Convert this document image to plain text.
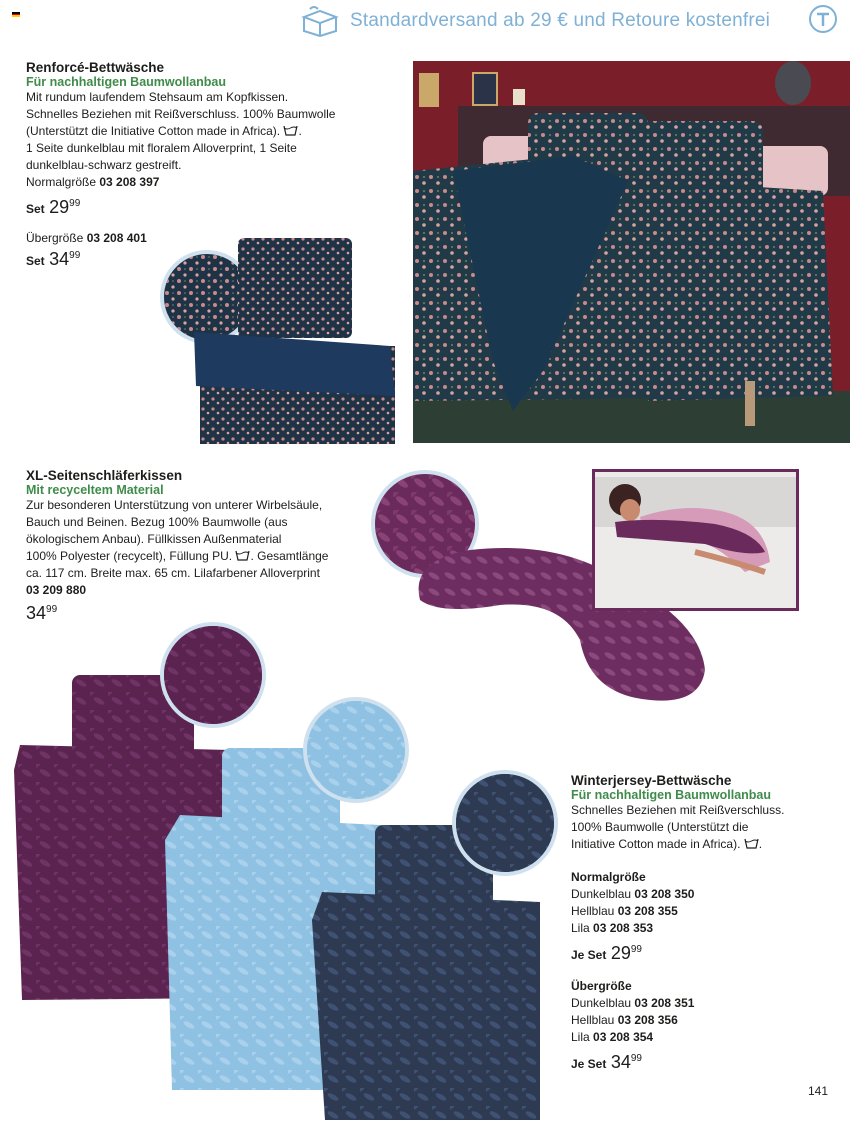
Standardversand ab 29 € und Retoure kostenfrei
Renforcé-Bettwäsche
Für nachhaltigen Baumwollanbau
Mit rundum laufendem Stehsaum am Kopfkissen.
Schnelles Beziehen mit Reißverschluss. 100% Baumwolle
(Unterstützt die Initiative Cotton made in Africa). .
1 Seite dunkelblau mit floralem Alloverprint, 1 Seite
dunkelblau-schwarz gestreift.
Normalgröße 03 208 397
Set $29^{99}$
Übergröße 03 208 401
Set $34^{99}$
XL-Seitenschläferkissen
Mit recyceltem Material
Zur besonderen Unterstützung von unterer Wirbelsäule,
Bauch und Beinen. Bezug 100% Baumwolle (aus
ökologischem Anbau). Füllkissen Außenmaterial
100% Polyester (recycelt), Füllung PU. . Gesamtlänge
ca. 117 cm. Breite max. 65 cm. Lilafarbener Alloverprint
03 209 880
$34^{99}$
Winterjersey-Bettwäsche
Für nachhaltigen Baumwollanbau
Schnelles Beziehen mit Reißverschluss.
100% Baumwolle (Unterstützt die
Initiative Cotton made in Africa). .
Normalgröße
Dunkelblau 03 208 350
Hellblau 03 208 355
Lila 03 208 353
Je Set $29^{99}$
Übergröße
Dunkelblau 03 208 351
Hellblau 03 208 356
Lila 03 208 354
Je Set $34^{99}$
141
